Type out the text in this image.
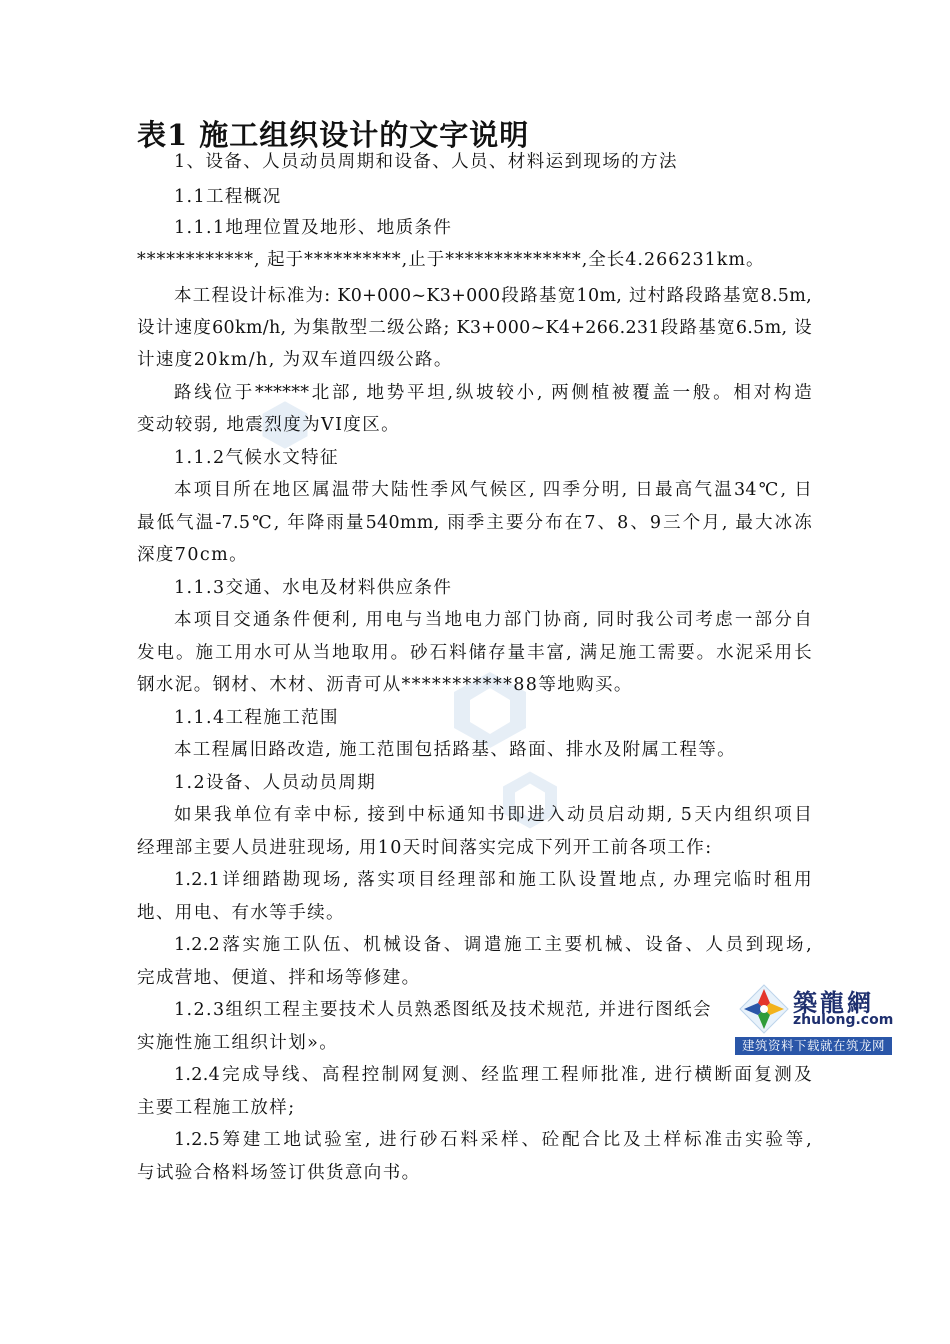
表1 施工组织设计的文字说明
1、设备、人员动员周期和设备、人员、材料运到现场的方法
1.1工程概况
1.1.1地理位置及地形、地质条件
************, 起于**********,止于**************,全长4.266231km。
本工程设计标准为: K0+000~K3+000段路基宽10m, 过村路段路基宽8.5m,
设计速度60km/h, 为集散型二级公路; K3+000~K4+266.231段路基宽6.5m, 设
计速度20km/h, 为双车道四级公路。
路线位于******北部, 地势平坦,纵坡较小, 两侧植被覆盖一般。相对构造
变动较弱, 地震烈度为VI度区。
1.1.2气候水文特征
本项目所在地区属温带大陆性季风气候区, 四季分明, 日最高气温34℃, 日
最低气温-7.5℃, 年降雨量540mm, 雨季主要分布在7、8、9三个月, 最大冰冻
深度70cm。
1.1.3交通、水电及材料供应条件
本项目交通条件便利, 用电与当地电力部门协商, 同时我公司考虑一部分自
发电。施工用水可从当地取用。砂石料储存量丰富, 满足施工需要。水泥采用长
钢水泥。钢材、木材、沥青可从***********88等地购买。
1.1.4工程施工范围
本工程属旧路改造, 施工范围包括路基、路面、排水及附属工程等。
1.2设备、人员动员周期
如果我单位有幸中标, 接到中标通知书即进入动员启动期, 5天内组织项目
经理部主要人员进驻现场, 用10天时间落实完成下列开工前各项工作:
1.2.1详细踏勘现场, 落实项目经理部和施工队设置地点, 办理完临时租用
地、用电、有水等手续。
1.2.2落实施工队伍、机械设备、调遣施工主要机械、设备、人员到现场,
完成营地、便道、拌和场等修建。
1.2.3组织工程主要技术人员熟悉图纸及技术规范, 并进行图纸会
实施性施工组织计划»。
1.2.4完成导线、高程控制网复测、经监理工程师批准, 进行横断面复测及
主要工程施工放样;
1.2.5筹建工地试验室, 进行砂石料采样、砼配合比及土样标准击实验等,
与试验合格料场签订供货意向书。
築龍網
zhulong.com
建筑资料下载就在筑龙网
